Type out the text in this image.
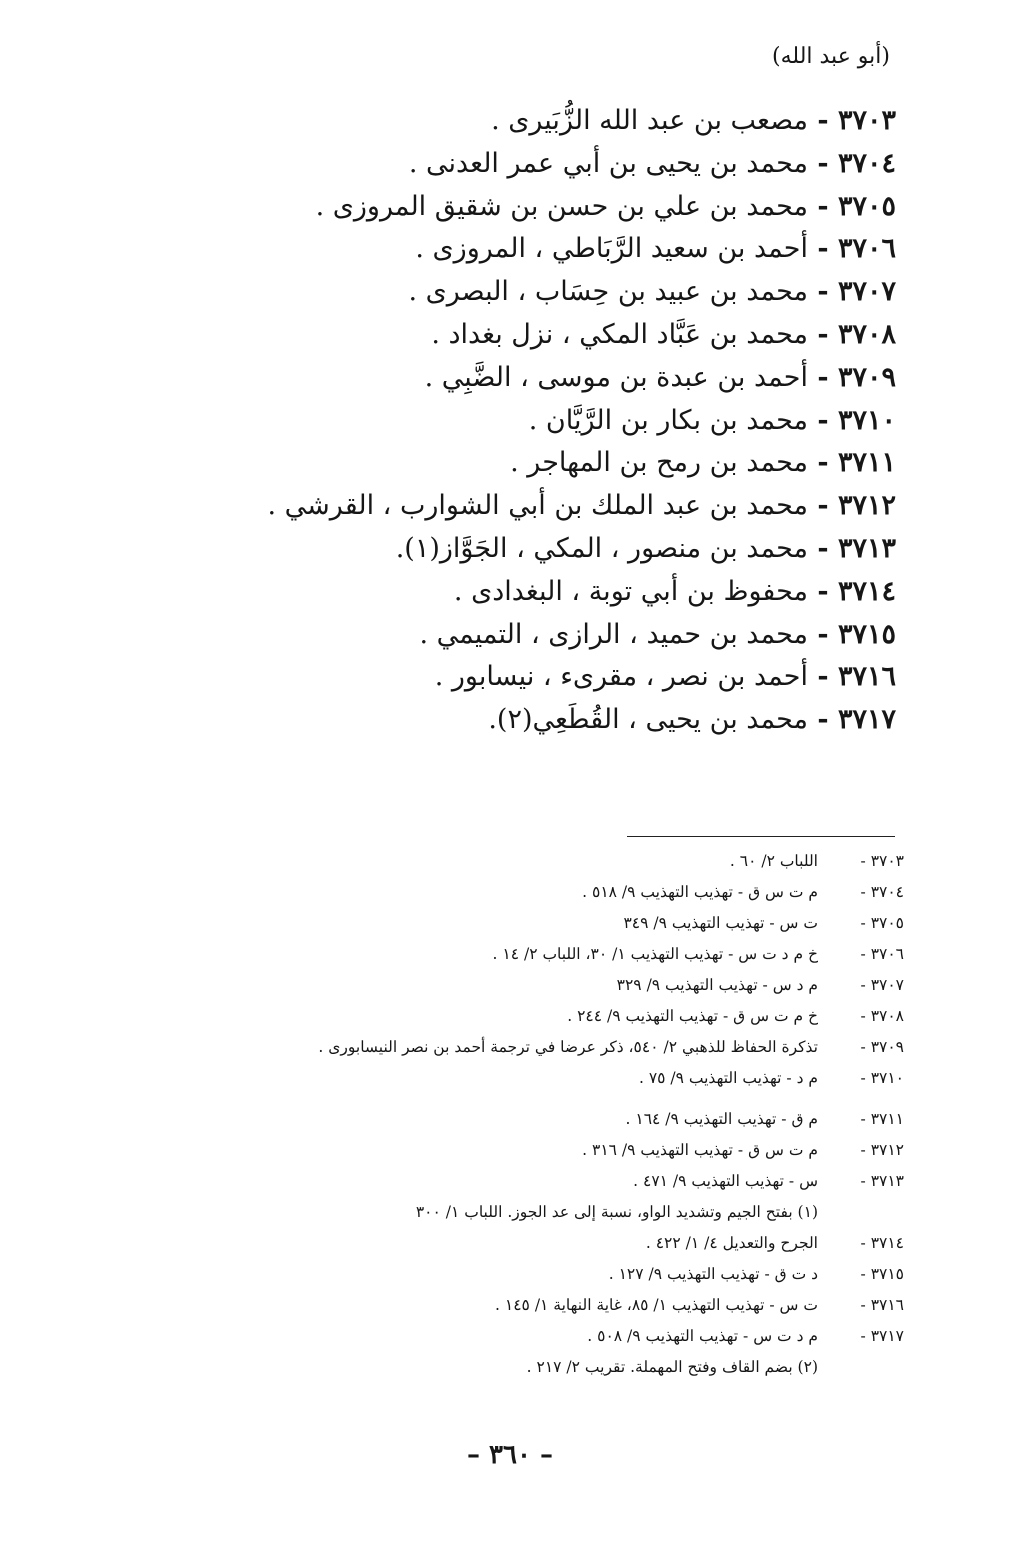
(أبو عبد الله)
٣٧٠٣ - مصعب بن عبد الله الزُّبَيرى .
٣٧٠٤ - محمد بن يحيى بن أبي عمر العدنى .
٣٧٠٥ - محمد بن علي بن حسن بن شقيق المروزى .
٣٧٠٦ - أحمد بن سعيد الرَّبَاطي ، المروزى .
٣٧٠٧ - محمد بن عبيد بن حِسَاب ، البصرى .
٣٧٠٨ - محمد بن عَبَّاد المكي ، نزل بغداد .
٣٧٠٩ - أحمد بن عبدة بن موسى ، الضَّبِي .
٣٧١٠ - محمد بن بكار بن الرَّيَّان .
٣٧١١ - محمد بن رمح بن المهاجر .
٣٧١٢ - محمد بن عبد الملك بن أبي الشوارب ، القرشي .
٣٧١٣ - محمد بن منصور ، المكي ، الجَوَّاز(١).
٣٧١٤ - محفوظ بن أبي توبة ، البغدادى .
٣٧١٥ - محمد بن حميد ، الرازى ، التميمي .
٣٧١٦ - أحمد بن نصر ، مقرىء ، نيسابور .
٣٧١٧ - محمد بن يحيى ، القُطَعِي(٢).
٣٧٠٣ -اللباب ٢/ ٦٠ .
٣٧٠٤ -م ت س ق - تهذيب التهذيب ٩/ ٥١٨ .
٣٧٠٥ -ت س - تهذيب التهذيب ٩/ ٣٤٩
٣٧٠٦ -خ م د ت س - تهذيب التهذيب ١/ ٣٠، اللباب ٢/ ١٤ .
٣٧٠٧ -م د س - تهذيب التهذيب ٩/ ٣٢٩
٣٧٠٨ -خ م ت س ق - تهذيب التهذيب ٩/ ٢٤٤ .
٣٧٠٩ -تذكرة الحفاظ للذهبي ٢/ ٥٤٠، ذكر عرضا في ترجمة أحمد بن نصر النيسابورى .
٣٧١٠ -م د - تهذيب التهذيب ٩/ ٧٥ .
٣٧١١ -م ق - تهذيب التهذيب ٩/ ١٦٤ .
٣٧١٢ -م ت س ق - تهذيب التهذيب ٩/ ٣١٦ .
٣٧١٣ -س - تهذيب التهذيب ٩/ ٤٧١ .
(١) بفتح الجيم وتشديد الواو، نسبة إلى عد الجوز. اللباب ١/ ٣٠٠
٣٧١٤ -الجرح والتعديل ٤/ ١/ ٤٢٢ .
٣٧١٥ -د ت ق - تهذيب التهذيب ٩/ ١٢٧ .
٣٧١٦ -ت س - تهذيب التهذيب ١/ ٨٥، غاية النهاية ١/ ١٤٥ .
٣٧١٧ -م د ت س - تهذيب التهذيب ٩/ ٥٠٨ .
(٢) بضم القاف وفتح المهملة. تقريب ٢/ ٢١٧ .
– ٣٦٠ –
